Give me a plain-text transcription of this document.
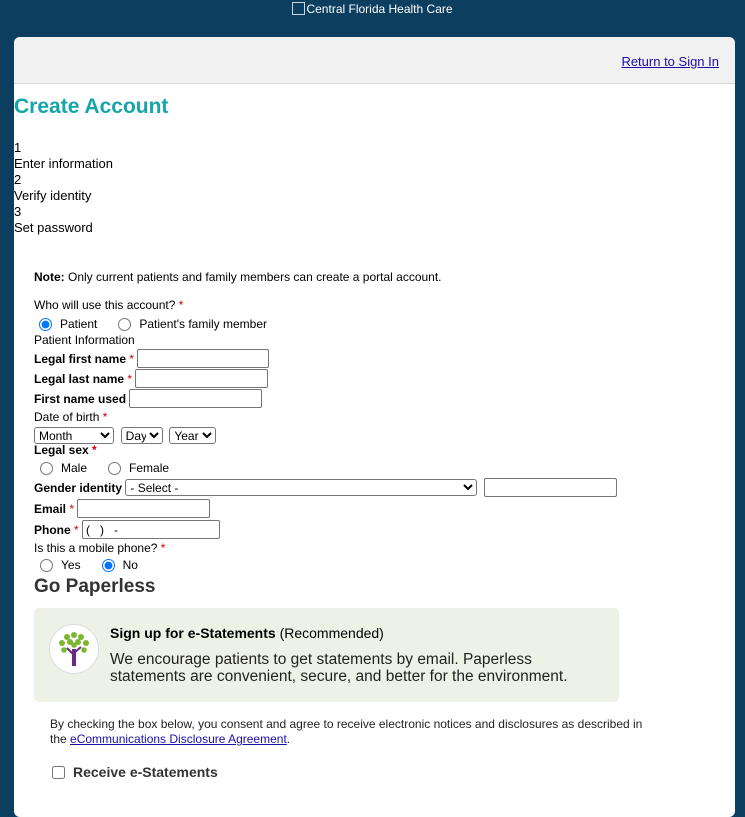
Central Florida Health Care
Return to Sign In
Create Account
1
Enter information
2
Verify identity
3
Set password
Note: Only current patients and family members can create a portal account.
Who will use this account? *
Patient	Patient's family member
Patient Information
Legal first name
*

Legal last name
*

First name used

Date of birth *
Month

Day

Year
Legal sex *
Male	Female
Gender identity

- Select -

Email
*

Phone
*

( ) -
Is this a mobile phone? *
Yes	No
Go Paperless
Sign up for e-Statements (Recommended)
We encourage patients to get statements by email. Paperless statements are convenient, secure, and better for the environment.
By checking the box below, you consent and agree to receive electronic notices and disclosures as described in the eCommunications Disclosure Agreement.
Receive e-Statements
